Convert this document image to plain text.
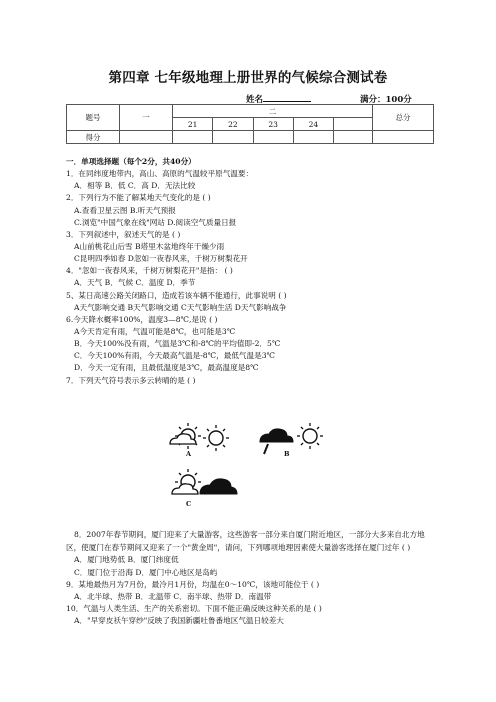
第四章 七年级地理上册世界的气候综合测试卷
姓名	满分：100分
题号	一	二					总分
		21	22	23	24		
得分							
一．单项选择题（每个2分，共40分）
1．在同纬度地带内，高山、高原的气温较平原气温要：
A．相等 B．低 C．高 D．无法比较
2．下列行为不能了解某地天气变化的是 ( )
A.查看卫星云图 B.听天气预报
C.浏览"中国气象在线"网站 D.阅读空气质量日报
3．下列叙述中，叙述天气的是 ( )
A山前桃花山后雪 B塔里木盆地终年干燥少雨
C昆明四季如春 D忽如一夜春风来，千树万树梨花开
4．"忽如一夜春风来，千树万树梨花开"是指： ( )
A．天气 B．气候 C．温度 D．季节
5、某日高速公路关闭路口，造成若该车辆不能通行，此事说明 ( )
A天气影响交通 B天气影响交通 C天气影响生活 D天气影响战争
6.今天降水概率100%，温度3—8℃,是说 ( )
A今天肯定有雨，气温可能是8℃，也可能是3℃
B．今天100%没有雨，气温是3℃和-8℃的平均值即-2．5℃
C．今天100%有雨，今天最高气温是-8℃，最低气温是3℃
D．今天一定有雨，且最低温度是3℃，最高温度是8℃
7．下列天气符号表示多云转晴的是 ( )
A	B
C
8．2007年春节期间，厦门迎来了大量游客，这些游客一部分来自厦门附近地区，一部分大多来自北方地区，使厦门在春节期间又迎来了一个"黄金周"，请问，下列哪项地理因素使大量游客选择在厦门过年 ( )
A．厦门地势低 B．厦门纬度低
C．厦门位于沿海 D．厦门中心地区是岛屿
9．某地最热月为7月份，最冷月1月份，均温在0～10℃，该地可能位于 ( )
A．北半球、热带 B．北温带 C．南半球、热带 D．南温带
10．气温与人类生活、生产的关系密切。下面不能正确反映这种关系的是 ( )
A．"早穿皮袄午穿纱"反映了我国新疆吐鲁番地区气温日较差大
